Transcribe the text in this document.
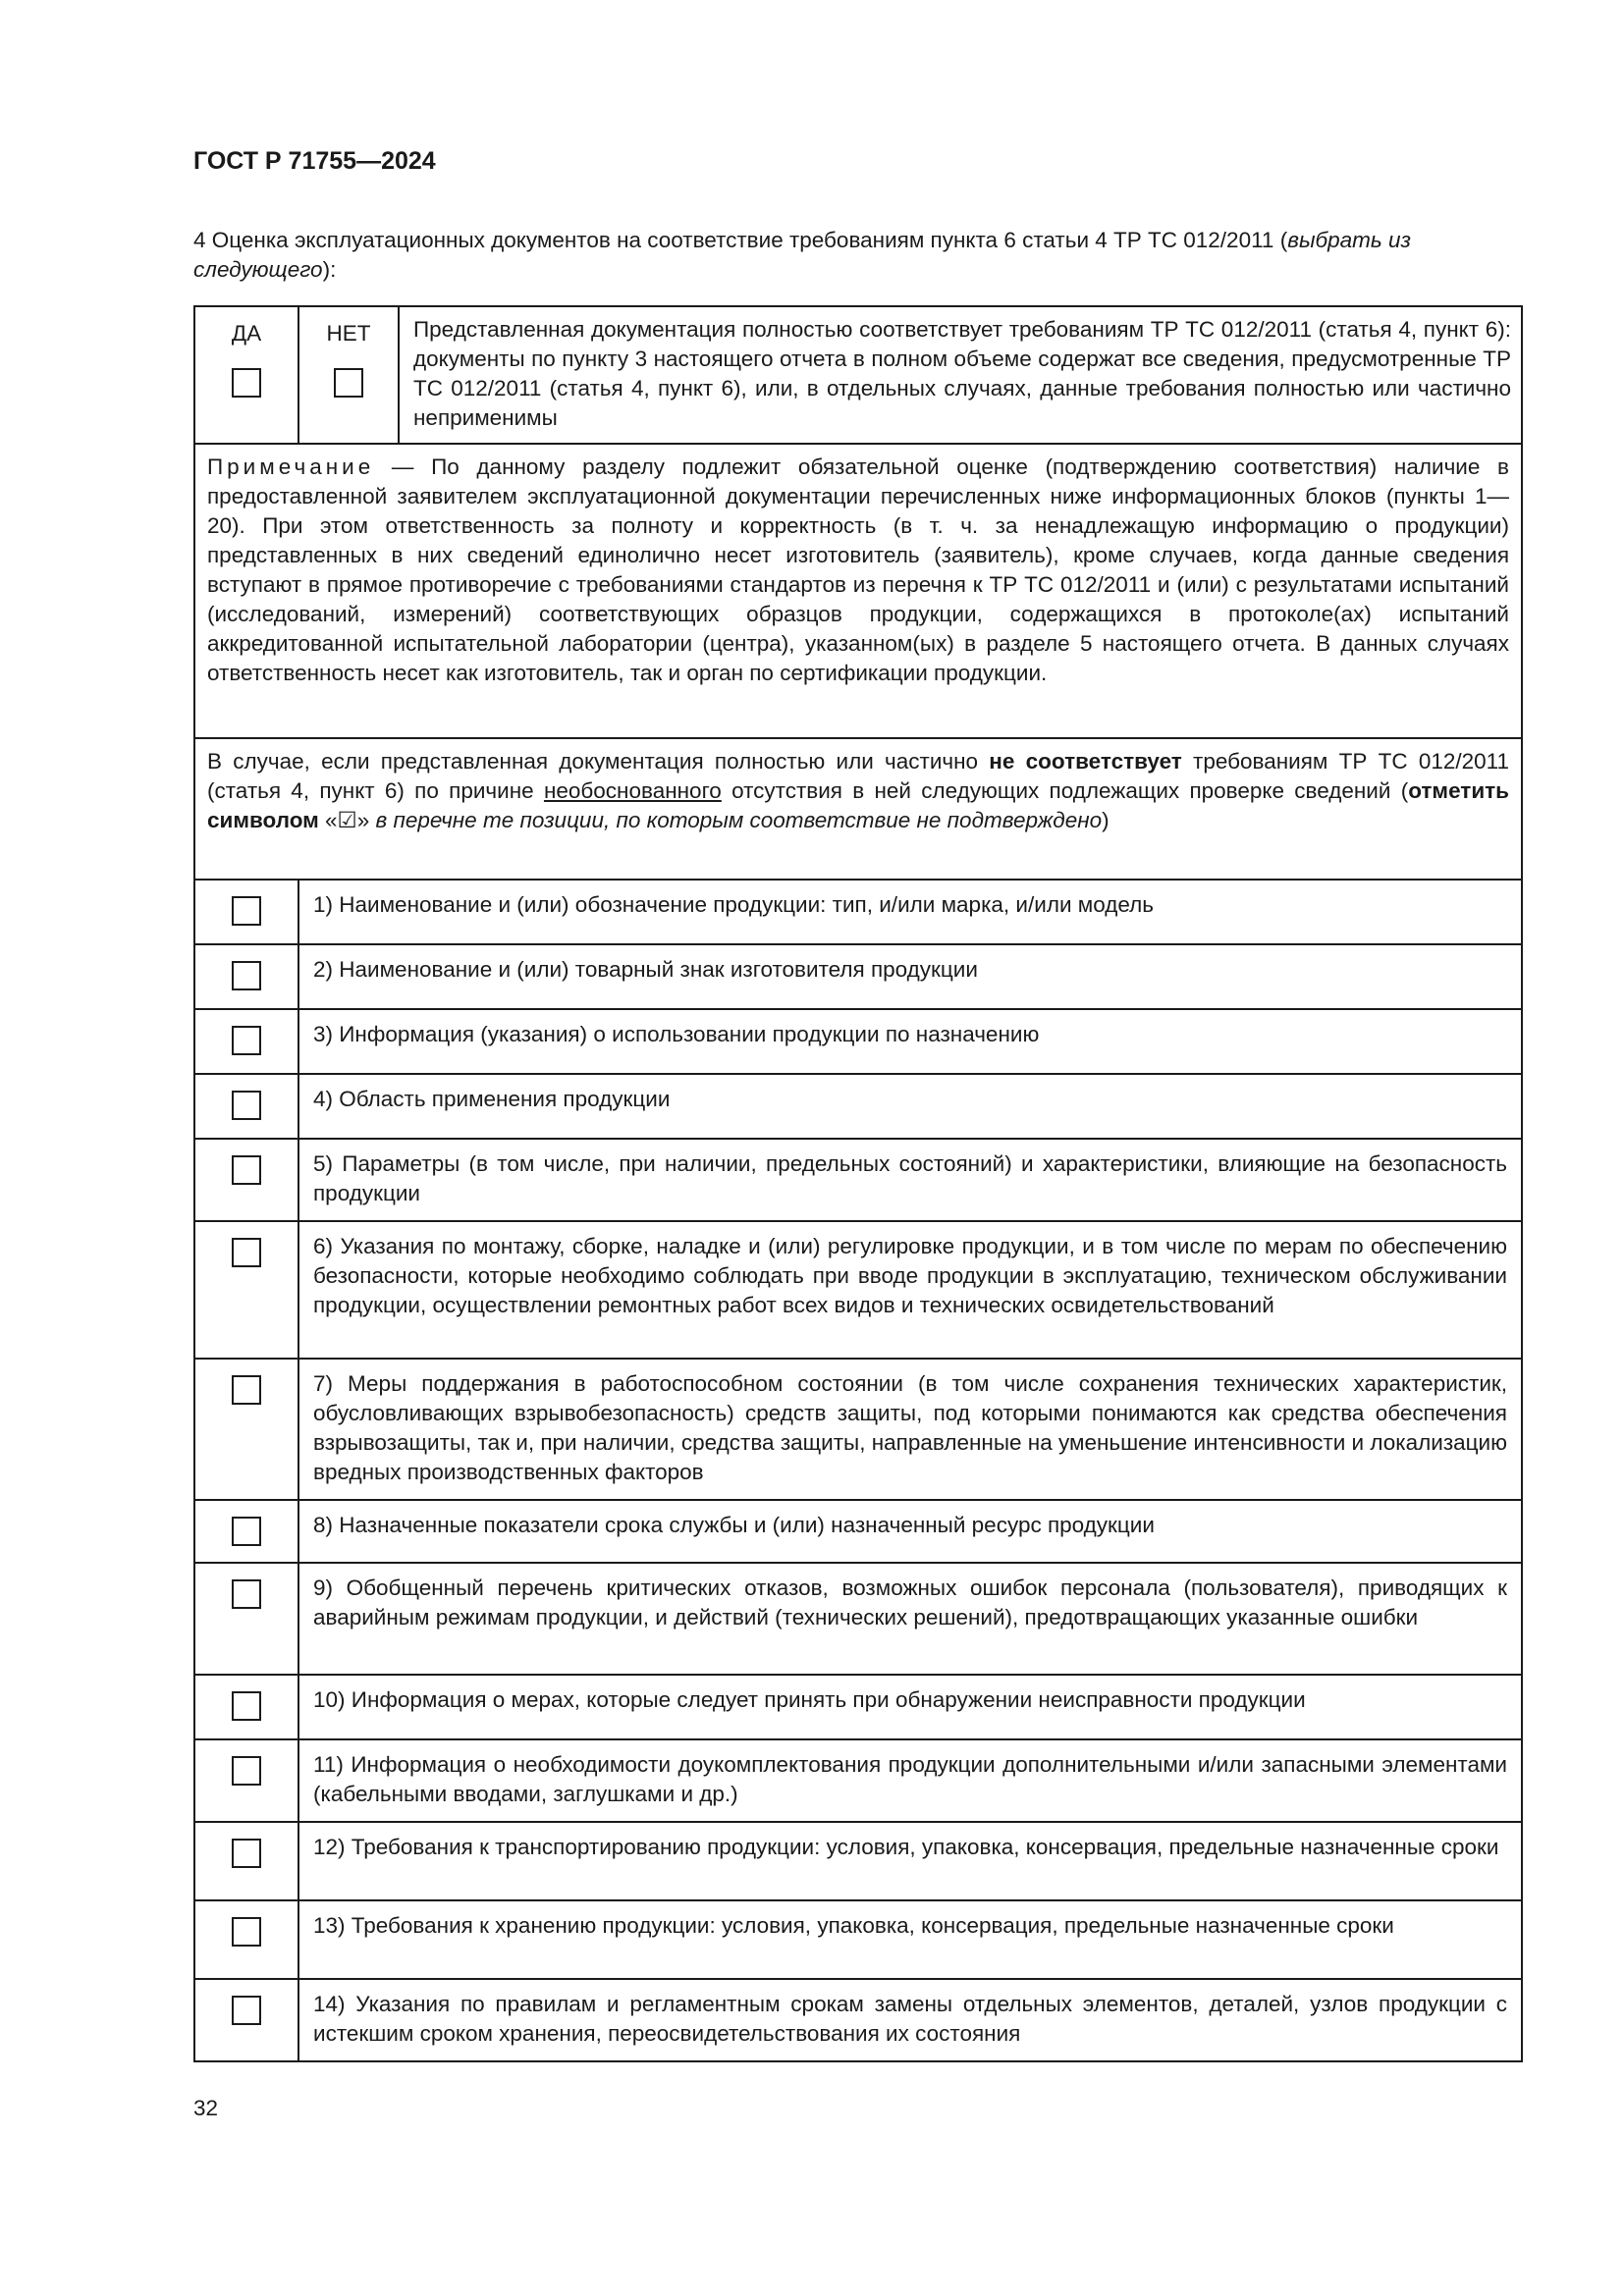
ГОСТ Р 71755—2024

4 Оценка эксплуатационных документов на соответствие требованиям пункта 6 статьи 4 ТР ТС 012/2011 (выбрать из следующего):

ДА	НЕТ	Представленная документация полностью соответствует требованиям ТР ТС 012/2011 (статья 4, пункт 6): документы по пункту 3 настоящего отчета в полном объеме содержат все сведения, предусмотренные ТР ТС 012/2011 (статья 4, пункт 6), или, в отдельных случаях, данные требования полностью или частично неприменимы
Примечание — По данному разделу подлежит обязательной оценке (подтверждению соответствия) наличие в предоставленной заявителем эксплуатационной документации перечисленных ниже информационных блоков (пункты 1—20). При этом ответственность за полноту и корректность (в т. ч. за ненадлежащую информацию о продукции) представленных в них сведений единолично несет изготовитель (заявитель), кроме случаев, когда данные сведения вступают в прямое противоречие с требованиями стандартов из перечня к ТР ТС 012/2011 и (или) с результатами испытаний (исследований, измерений) соответствующих образцов продукции, содержащихся в протоколе(ах) испытаний аккредитованной испытательной лаборатории (центра), указанном(ых) в разделе 5 настоящего отчета. В данных случаях ответственность несет как изготовитель, так и орган по сертификации продукции.		
В случае, если представленная документация полностью или частично не соответствует требованиям ТР ТС 012/2011 (статья 4, пункт 6) по причине необоснованного отсутствия в ней следующих подлежащих проверке сведений (отметить символом «☑» в перечне те позиции, по которым соответствие не подтверждено)		
	1) Наименование и (или) обозначение продукции: тип, и/или марка, и/или модель	
	2) Наименование и (или) товарный знак изготовителя продукции	
	3) Информация (указания) о использовании продукции по назначению	
	4) Область применения продукции	
	5) Параметры (в том числе, при наличии, предельных состояний) и характеристики, влияющие на безопасность продукции	
	6) Указания по монтажу, сборке, наладке и (или) регулировке продукции, и в том числе по мерам по обеспечению безопасности, которые необходимо соблюдать при вводе продукции в эксплуатацию, техническом обслуживании продукции, осуществлении ремонтных работ всех видов и технических освидетельствований	
	7) Меры поддержания в работоспособном состоянии (в том числе сохранения технических характеристик, обусловливающих взрывобезопасность) средств защиты, под которыми понимаются как средства обеспечения взрывозащиты, так и, при наличии, средства защиты, направленные на уменьшение интенсивности и локализацию вредных производственных факторов	
	8) Назначенные показатели срока службы и (или) назначенный ресурс продукции	
	9) Обобщенный перечень критических отказов, возможных ошибок персонала (пользователя), приводящих к аварийным режимам продукции, и действий (технических решений), предотвращающих указанные ошибки	
	10) Информация о мерах, которые следует принять при обнаружении неисправности продукции	
	11) Информация о необходимости доукомплектования продукции дополнительными и/или запасными элементами (кабельными вводами, заглушками и др.)	
	12) Требования к транспортированию продукции: условия, упаковка, консервация, предельные назначенные сроки	
	13) Требования к хранению продукции: условия, упаковка, консервация, предельные назначенные сроки	
	14) Указания по правилам и регламентным срокам замены отдельных элементов, деталей, узлов продукции с истекшим сроком хранения, переосвидетельствования их состояния	
32
